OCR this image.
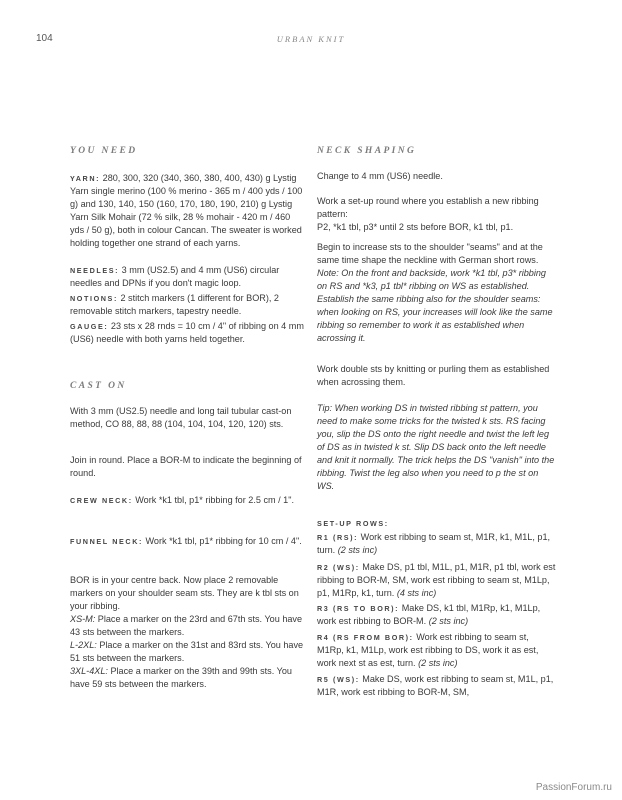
104	URBAN KNIT
YOU NEED

YARN: 280, 300, 320 (340, 360, 380, 400, 430) g Lystig Yarn single merino (100 % merino - 365 m / 400 yds / 100 g) and 130, 140, 150 (160, 170, 180, 190, 210) g Lystig Yarn Silk Mohair (72 % silk, 28 % mohair - 420 m / 460 yds / 50 g), both in colour Cancan. The sweater is worked holding together one strand of each yarns.

NEEDLES: 3 mm (US2.5) and 4 mm (US6) circular needles and DPNs if you don't magic loop.

NOTIONS: 2 stitch markers (1 different for BOR), 2 removable stitch markers, tapestry needle.

GAUGE: 23 sts x 28 rnds = 10 cm / 4" of ribbing on 4 mm (US6) needle with both yarns held together.

CAST ON

With 3 mm (US2.5) needle and long tail tubular cast-on method, CO 88, 88, 88 (104, 104, 104, 120, 120) sts.

Join in round. Place a BOR-M to indicate the beginning of round.

CREW NECK: Work *k1 tbl, p1* ribbing for 2.5 cm / 1".

FUNNEL NECK: Work *k1 tbl, p1* ribbing for 10 cm / 4".

BOR is in your centre back. Now place 2 removable markers on your shoulder seam sts. They are k tbl sts on your ribbing.
XS-M: Place a marker on the 23rd and 67th sts. You have 43 sts between the markers.
L-2XL: Place a marker on the 31st and 83rd sts. You have 51 sts between the markers.
3XL-4XL: Place a marker on the 39th and 99th sts. You have 59 sts between the markers.

NECK SHAPING

Change to 4 mm (US6) needle.

Work a set-up round where you establish a new ribbing pattern:
P2, *k1 tbl, p3* until 2 sts before BOR, k1 tbl, p1.

Begin to increase sts to the shoulder "seams" and at the same time shape the neckline with German short rows. Note: On the front and backside, work *k1 tbl, p3* ribbing on RS and *k3, p1 tbl* ribbing on WS as established. Establish the same ribbing also for the shoulder seams: when looking on RS, your increases will look like the same ribbing so remember to work it as established when acrossing it.

Work double sts by knitting or purling them as established when acrossing them.

Tip: When working DS in twisted ribbing st pattern, you need to make some tricks for the twisted k sts. RS facing you, slip the DS onto the right needle and twist the left leg of DS as in twisted k st. Slip DS back onto the left needle and knit it normally. The trick helps the DS "vanish" into the ribbing. Twist the leg also when you need to p the st on WS.

SET-UP ROWS:

R1 (RS): Work est ribbing to seam st, M1R, k1, M1L, p1, turn. (2 sts inc)

R2 (WS): Make DS, p1 tbl, M1L, p1, M1R, p1 tbl, work est ribbing to BOR-M, SM, work est ribbing to seam st, M1Lp, p1, M1Rp, k1, turn. (4 sts inc)

R3 (RS TO BOR): Make DS, k1 tbl, M1Rp, k1, M1Lp, work est ribbing to BOR-M. (2 sts inc)

R4 (RS FROM BOR): Work est ribbing to seam st, M1Rp, k1, M1Lp, work est ribbing to DS, work it as est, work next st as est, turn. (2 sts inc)

R5 (WS): Make DS, work est ribbing to seam st, M1L, p1, M1R, work est ribbing to BOR-M, SM,

PassionForum.ru
